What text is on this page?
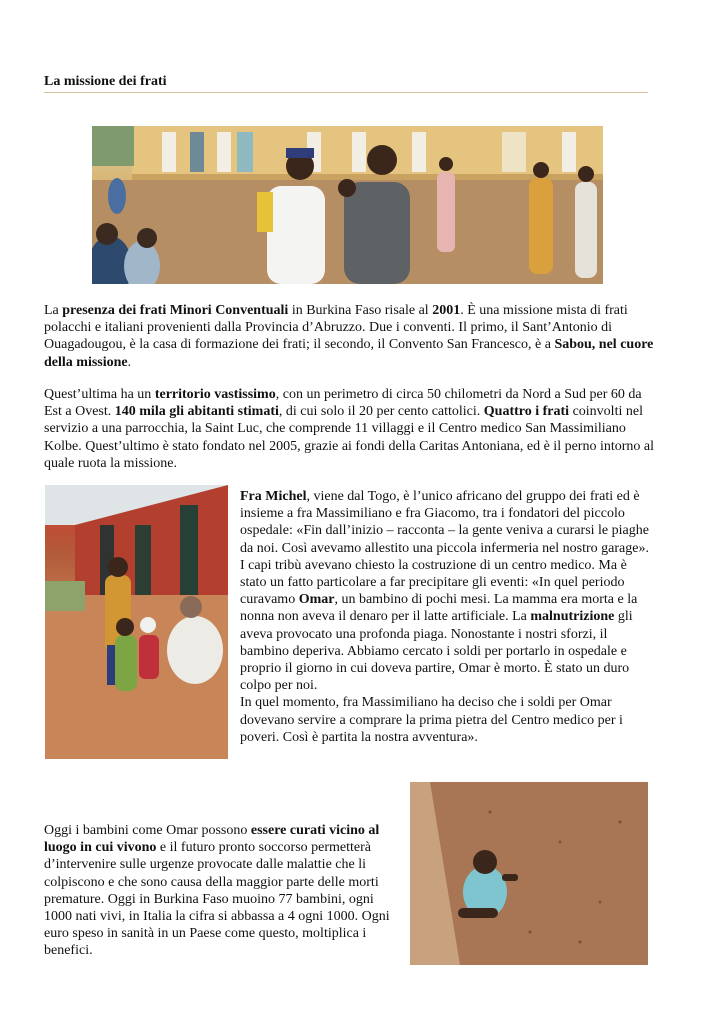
La missione dei frati

La presenza dei frati Minori Conventuali in Burkina Faso risale al 2001. È una missione mista di frati polacchi e italiani provenienti dalla Provincia d’Abruzzo. Due i conventi. Il primo, il Sant’Antonio di Ouagadougou, è la casa di formazione dei frati; il secondo, il Convento San Francesco, è a Sabou, nel cuore della missione.

Quest’ultima ha un territorio vastissimo, con un perimetro di circa 50 chilometri da Nord a Sud per 60 da Est a Ovest. 140 mila gli abitanti stimati, di cui solo il 20 per cento cattolici. Quattro i frati coinvolti nel servizio a una parrocchia, la Saint Luc, che comprende 11 villaggi e il Centro medico San Massimiliano Kolbe. Quest’ultimo è stato fondato nel 2005, grazie ai fondi della Caritas Antoniana, ed è il perno intorno al quale ruota la missione.

Fra Michel, viene dal Togo, è l’unico africano del gruppo dei frati ed è insieme a fra Massimiliano e fra Giacomo, tra i fondatori del piccolo ospedale: «Fin dall’inizio – racconta – la gente veniva a curarsi le piaghe da noi. Così avevamo allestito una piccola infermeria nel nostro garage».

I capi tribù avevano chiesto la costruzione di un centro medico. Ma è stato un fatto particolare a far precipitare gli eventi: «In quel periodo curavamo Omar, un bambino di pochi mesi. La mamma era morta e la nonna non aveva il denaro per il latte artificiale. La malnutrizione gli aveva provocato una profonda piaga. Nonostante i nostri sforzi, il bambino deperiva. Abbiamo cercato i soldi per portarlo in ospedale e proprio il giorno in cui doveva partire, Omar è morto. È stato un duro colpo per noi.

In quel momento, fra Massimiliano ha deciso che i soldi per Omar dovevano servire a comprare la prima pietra del Centro medico per i poveri. Così è partita la nostra avventura».

Oggi i bambini come Omar possono essere curati vicino al luogo in cui vivono e il futuro pronto soccorso permetterà d’intervenire sulle urgenze provocate dalle malattie che li colpiscono e che sono causa della maggior parte delle morti premature. Oggi in Burkina Faso muoino 77 bambini, ogni 1000 nati vivi, in Italia la cifra si abbassa a 4 ogni 1000. Ogni euro speso in sanità in un Paese come questo, moltiplica i benefici.
